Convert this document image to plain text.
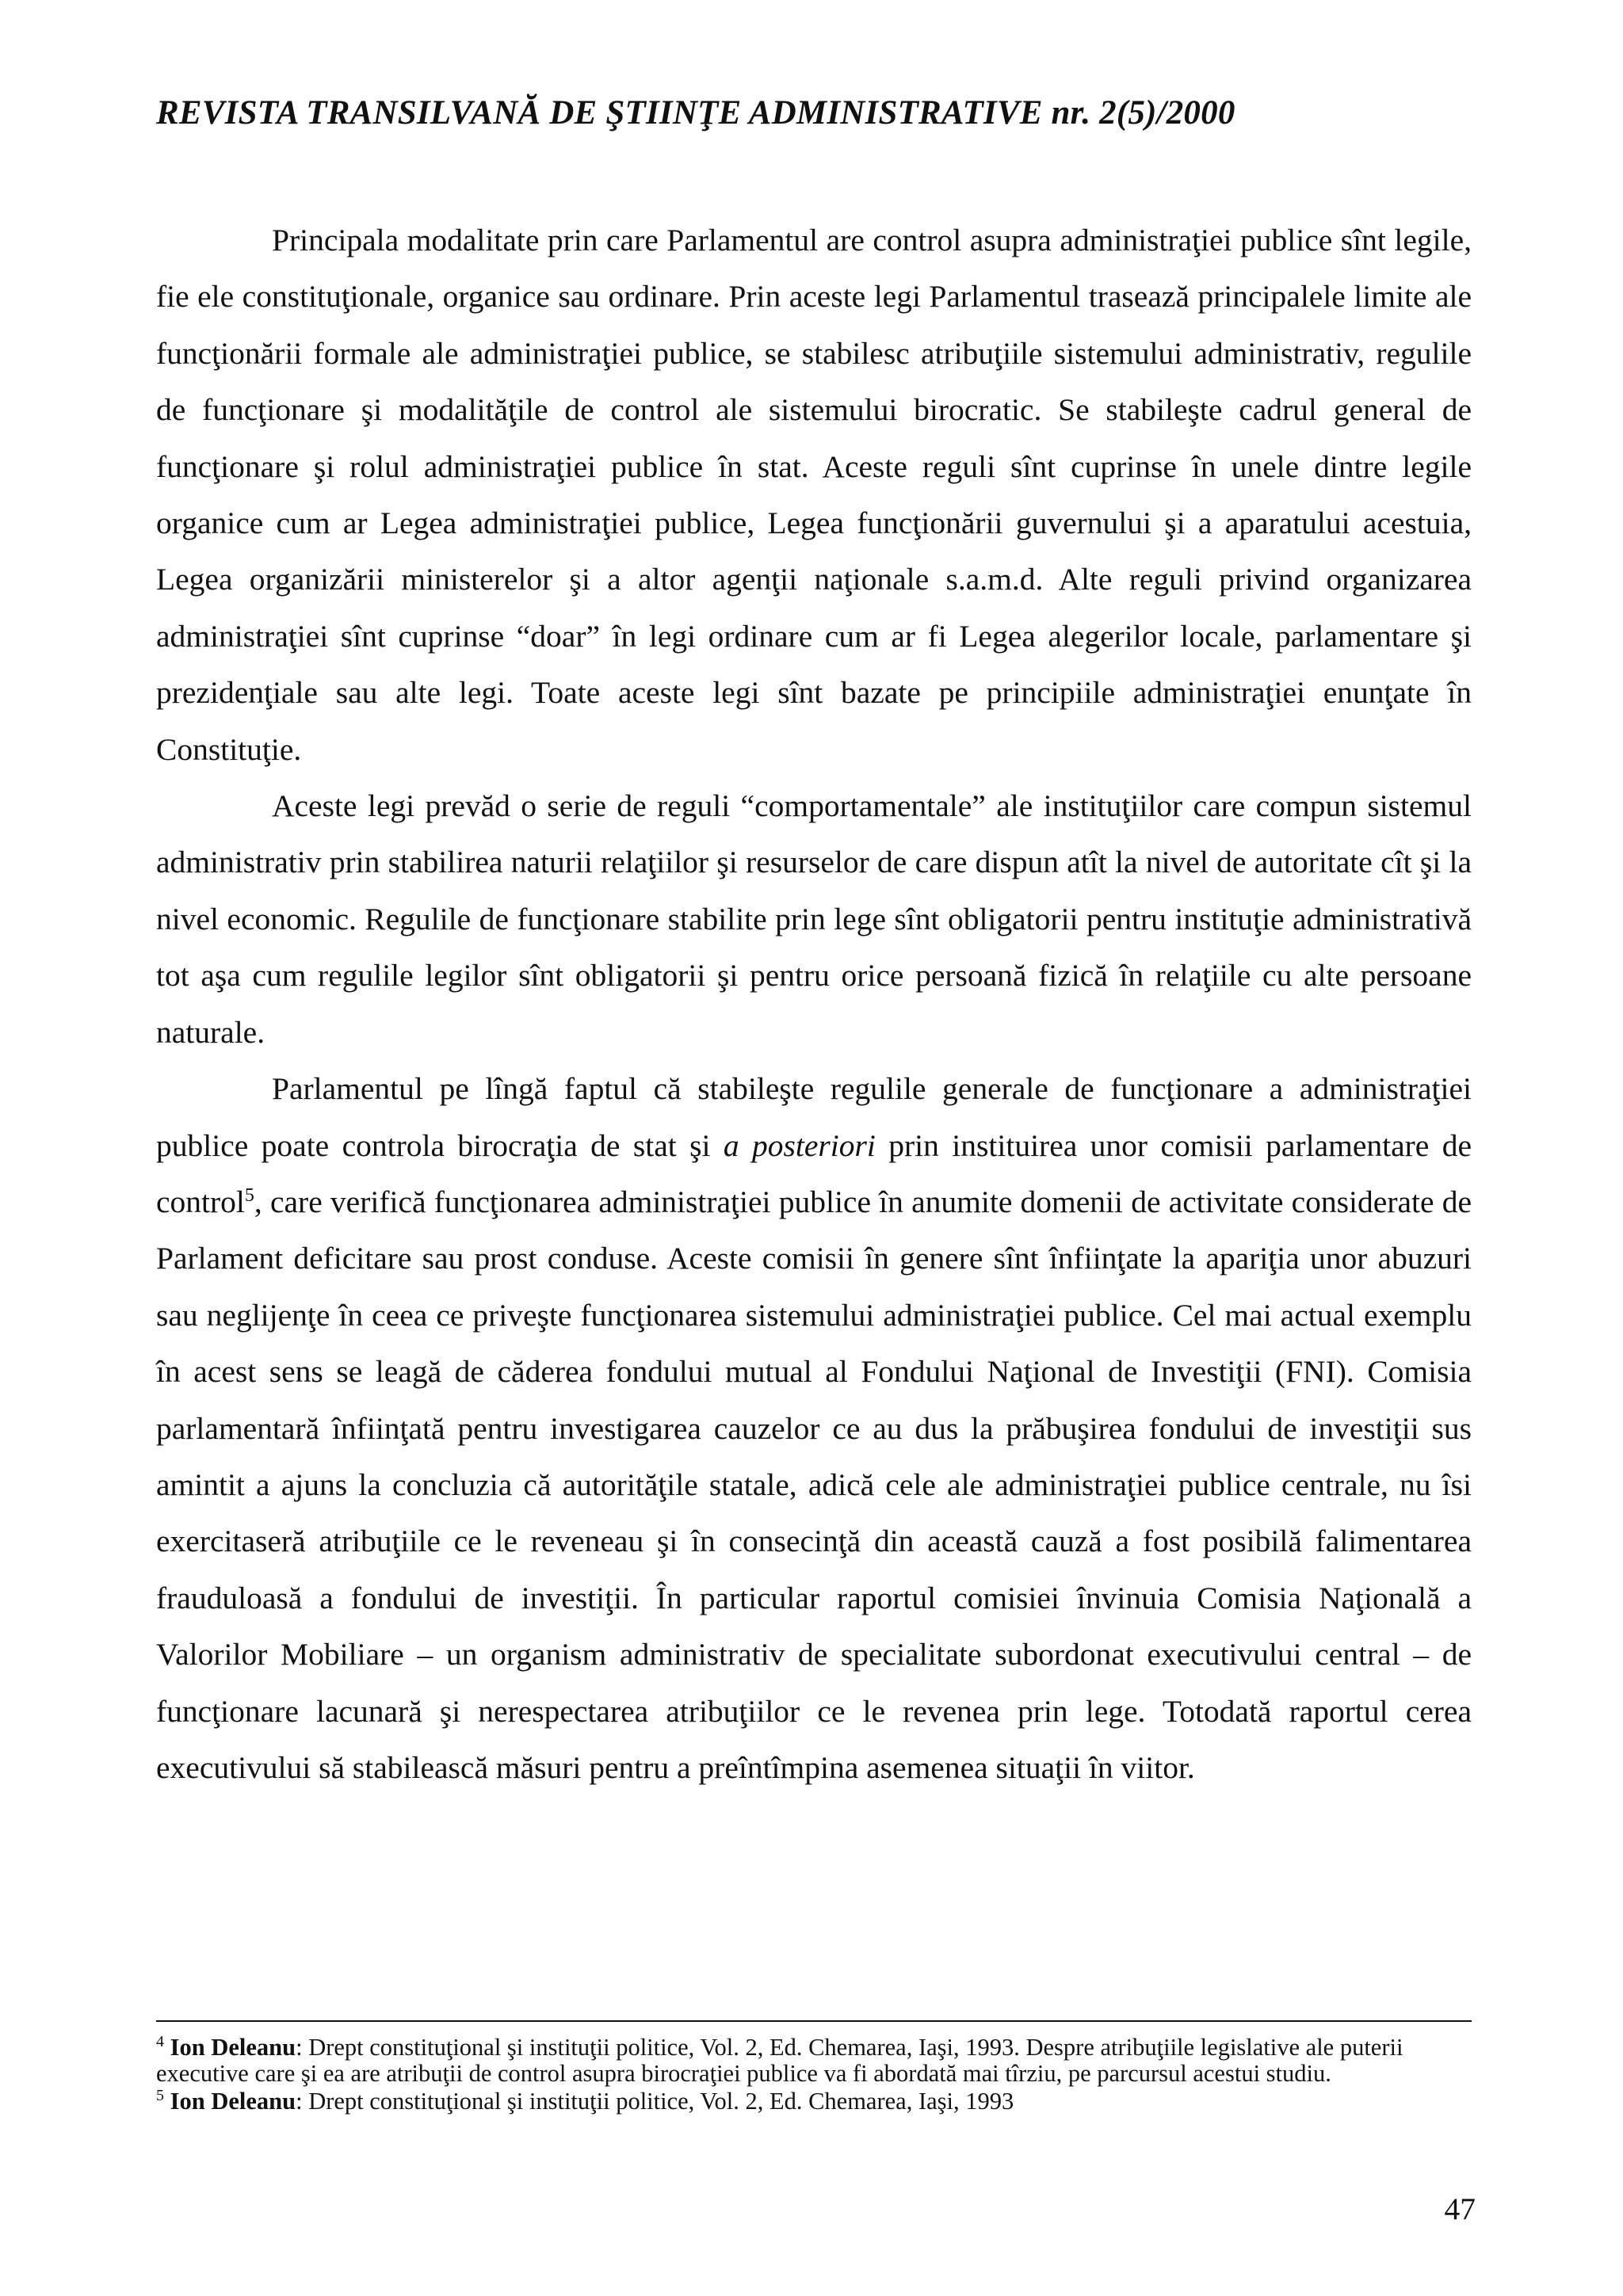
REVISTA TRANSILVANĂ DE ŞTIINŢE ADMINISTRATIVE nr. 2(5)/2000

Principala modalitate prin care Parlamentul are control asupra administraţiei publice sînt legile, fie ele constituţionale, organice sau ordinare. Prin aceste legi Parlamentul trasează principalele limite ale funcţionării formale ale administraţiei publice, se stabilesc atribuţiile sistemului administrativ, regulile de funcţionare şi modalităţile de control ale sistemului birocratic. Se stabileşte cadrul general de funcţionare şi rolul administraţiei publice în stat. Aceste reguli sînt cuprinse în unele dintre legile organice cum ar Legea administraţiei publice, Legea funcţionării guvernului şi a aparatului acestuia, Legea organizării ministerelor şi a altor agenţii naţionale s.a.m.d. Alte reguli privind organizarea administraţiei sînt cuprinse “doar” în legi ordinare cum ar fi Legea alegerilor locale, parlamentare şi prezidenţiale sau alte legi. Toate aceste legi sînt bazate pe principiile administraţiei enunţate în Constituţie.

Aceste legi prevăd o serie de reguli “comportamentale” ale instituţiilor care compun sistemul administrativ prin stabilirea naturii relaţiilor şi resurselor de care dispun atît la nivel de autoritate cît şi la nivel economic. Regulile de funcţionare stabilite prin lege sînt obligatorii pentru instituţie administrativă tot aşa cum regulile legilor sînt obligatorii şi pentru orice persoană fizică în relaţiile cu alte persoane naturale.

Parlamentul pe lîngă faptul că stabileşte regulile generale de funcţionare a administraţiei publice poate controla birocraţia de stat şi a posteriori prin instituirea unor comisii parlamentare de control$^5$, care verifică funcţionarea administraţiei publice în anumite domenii de activitate considerate de Parlament deficitare sau prost conduse. Aceste comisii în genere sînt înfiinţate la apariţia unor abuzuri sau neglijenţe în ceea ce priveşte funcţionarea sistemului administraţiei publice. Cel mai actual exemplu în acest sens se leagă de căderea fondului mutual al Fondului Naţional de Investiţii (FNI). Comisia parlamentară înfiinţată pentru investigarea cauzelor ce au dus la prăbuşirea fondului de investiţii sus amintit a ajuns la concluzia că autorităţile statale, adică cele ale administraţiei publice centrale, nu îsi exercitaseră atribuţiile ce le reveneau şi în consecinţă din această cauză a fost posibilă falimentarea frauduloasă a fondului de investiţii. În particular raportul comisiei învinuia Comisia Naţională a Valorilor Mobiliare – un organism administrativ de specialitate subordonat executivului central – de funcţionare lacunară şi nerespectarea atribuţiilor ce le revenea prin lege. Totodată raportul cerea executivului să stabilească măsuri pentru a preîntîmpina asemenea situaţii în viitor.

$^4$ Ion Deleanu: Drept constituţional şi instituţii politice, Vol. 2, Ed. Chemarea, Iaşi, 1993. Despre atribuţiile legislative ale puterii executive care şi ea are atribuţii de control asupra birocraţiei publice va fi abordată mai tîrziu, pe parcursul acestui studiu.

$^5$ Ion Deleanu: Drept constituţional şi instituţii politice, Vol. 2, Ed. Chemarea, Iaşi, 1993

47
